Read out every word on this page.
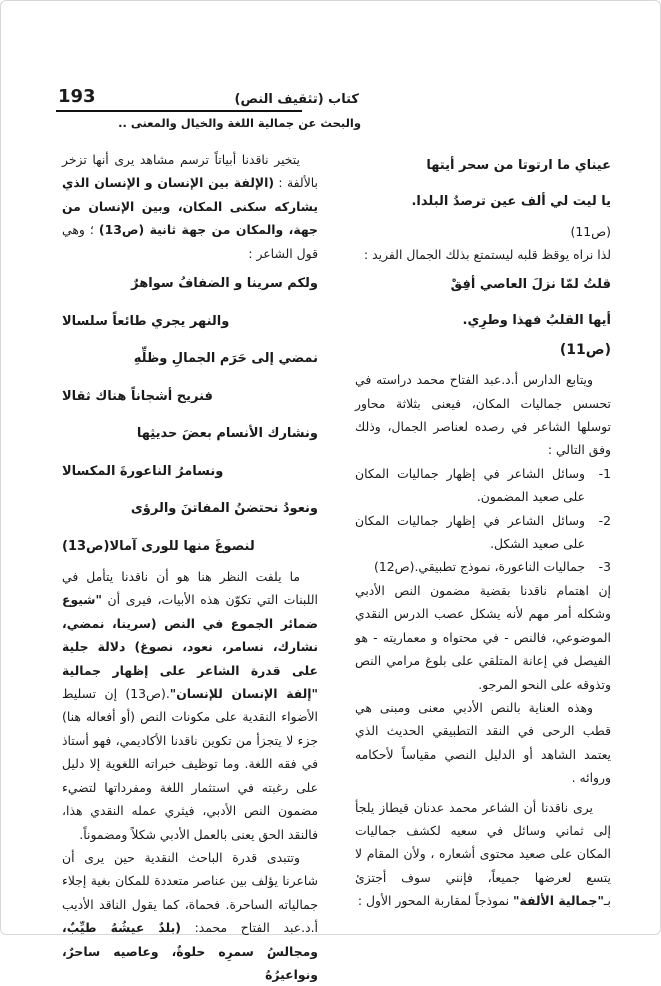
193	كتاب (تثقيف النص)
والبحث عن جمالية اللغة والخيال والمعنى ..

عيناي ما ارتوتا من سحر أيتها

يا ليت لي ألف عين ترصدُ البلدا.

(ص11)

لذا نراه يوقظ قلبه ليستمتع بذلك الجمال الفريد :

قلتُ لمّا نزلَ العاصي أفِقْ

أيها القلبُ فهذا وطرِي.

(ص11)

ويتابع الدارس أ.د.عبد الفتاح محمد دراسته في تحسس جماليات المكان، فيعنى بثلاثة محاور توسلها الشاعر في رصده لعناصر الجمال، وذلك وفق التالي :

1-
وسائل الشاعر في إظهار جماليات المكان على صعيد المضمون.
2-
وسائل الشاعر في إظهار جماليات المكان على صعيد الشكل.
3-
جماليات الناعورة، نموذج تطبيقي.(ص12)

إن اهتمام ناقدنا بقضية مضمون النص الأدبي وشكله أمر مهم لأنه يشكل عصب الدرس النقدي الموضوعي، فالنص - في محتواه و معماريته - هو الفيصل في إعانة المتلقي على بلوغ مرامي النص وتذوقه على النحو المرجو.

وهذه العناية بالنص الأدبي معنى ومبنى هي قطب الرحى في النقد التطبيقي الحديث الذي يعتمد الشاهد أو الدليل النصي مقياساً لأحكامه وروائه .

يرى ناقدنا أن الشاعر محمد عدنان قيطاز يلجأ إلى ثماني وسائل في سعيه لكشف جماليات المكان على صعيد محتوى أشعاره ، ولأن المقام لا يتسع لعرضها جميعاً، فإنني سوف أجتزئ بـ"جمالية الألفة" نموذجاً لمقاربة المحور الأول :

يتخير ناقدنا أبياتاً ترسم مشاهد يرى أنها تزخر بالألفة : (الإلفة بين الإنسان و الإنسان الذي يشاركه سكنى المكان، وبين الإنسان من جهة، والمكان من جهة ثانية (ص13) ؛ وهي قول الشاعر :

ولكم سرينا و الضفافُ سواهرٌ

والنهر يجري طائعاً سلسالا

نمضي إلى حَرَم الجمالِ وظلِّهِ

فنريح أشجاناً هناك ثقالا

ونشارك الأنسام بعضَ حديثِها

ونسامرُ الناعورةَ المكسالا

ونعودُ نحتضنُ المفاتنَ والرؤى

لنصوغَ منها للورى آمالا(ص13)

ما يلفت النظر هنا هو أن ناقدنا يتأمل في اللبنات التي تكوّن هذه الأبيات، فيرى أن "شيوع ضمائر الجموع في النص (سرينا، نمضي، نشارك، نسامر، نعود، نصوغ) دلالة جلية على قدرة الشاعر على إظهار جمالية "إلفة الإنسان للإنسان".(ص13) إن تسليط الأضواء النقدية على مكونات النص (أو أفعاله هنا) جزء لا يتجزأ من تكوين ناقدنا الأكاديمي، فهو أستاذ في فقه اللغة. وما توظيف خبراته اللغوية إلا دليل على رغبته في استثمار اللغة ومفرداتها لتضيء مضمون النص الأدبي، فيثري عمله النقدي هذا، فالنقد الحق يعنى بالعمل الأدبي شكلاً ومضموناً.

وتتبدى قدرة الباحث النقدية حين يرى أن شاعرنا يؤلف بين عناصر متعددة للمكان بغية إجلاء جمالياته الساحرة. فحماة، كما يقول الناقد الأديب أ.د.عبد الفتاح محمد: (بلدٌ عيشُهُ طيِّبٌ، ومجالسُ سمرِه حلوةٌ، وعاصيه ساحرٌ، ونواعيرُهُ
